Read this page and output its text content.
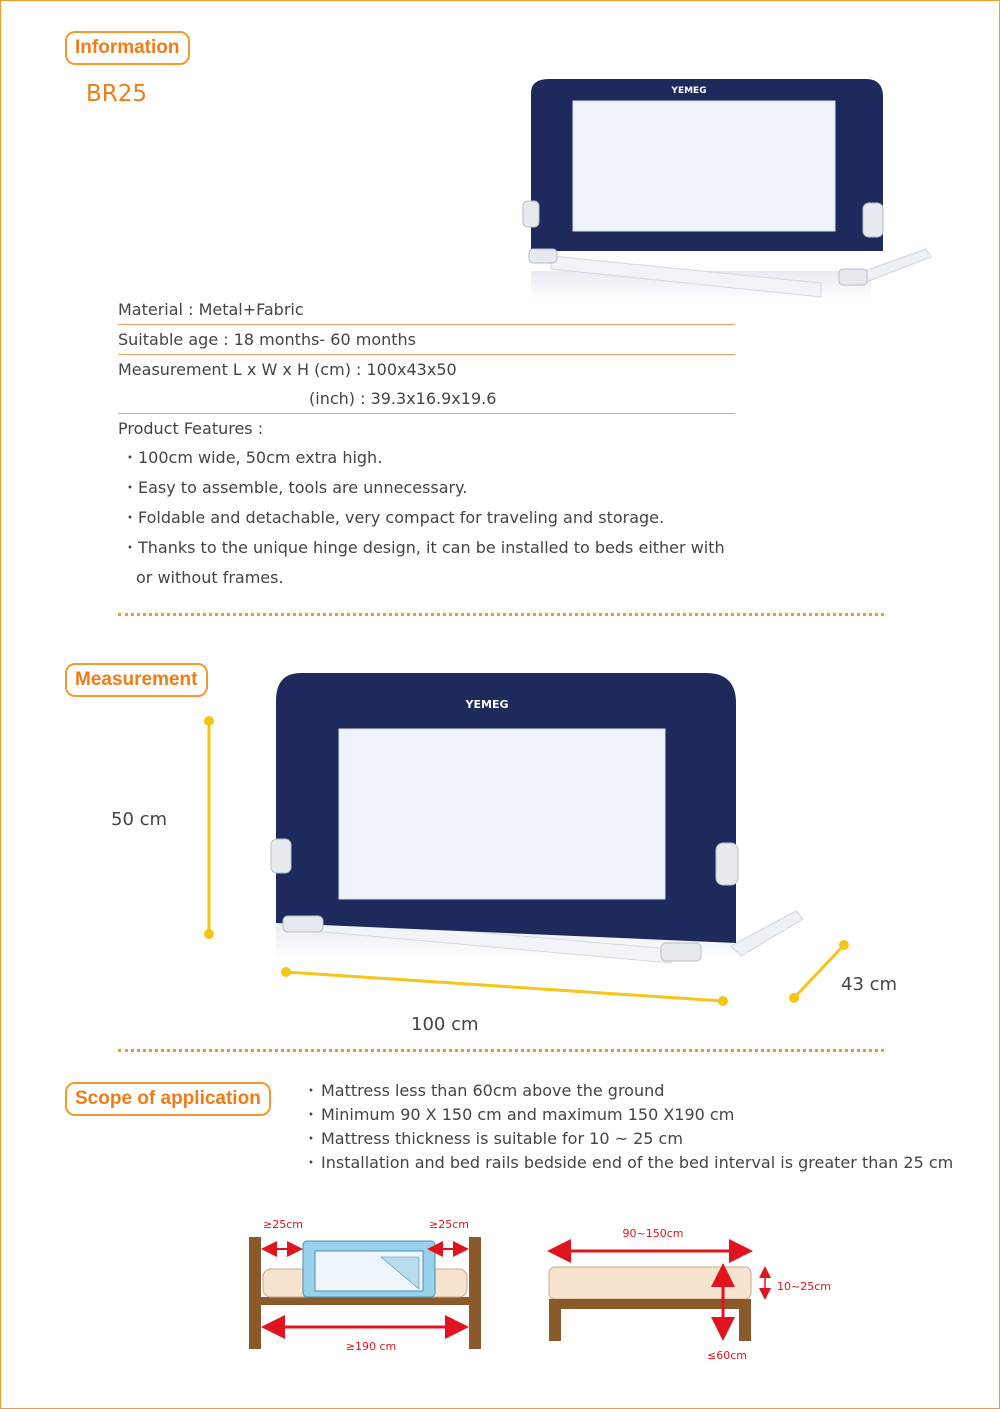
Information
BR25	YEMEG
Material : Metal+Fabric
Suitable age : 18 months- 60 months
Measurement L x W x H (cm) : 100x43x50
(inch) : 39.3x16.9x19.6
Product Features :
・100cm wide, 50cm extra high.
・Easy to assemble, tools are unnecessary.
・Foldable and detachable, very compact for traveling and storage.
・Thanks to the unique hinge design, it can be installed to beds either with
or without frames.
Measurement
YEMEG
50 cm
100 cm
43 cm
Scope of application	・ Mattress less than 60cm above the ground
・ Minimum 90 X 150 cm and maximum 150 X190 cm
・ Mattress thickness is suitable for 10 ~ 25 cm
・ Installation and bed rails bedside end of the bed interval is greater than 25 cm
≥25cm	≥25cm
≥190 cm
90~150cm
10~25cm
≤60cm
